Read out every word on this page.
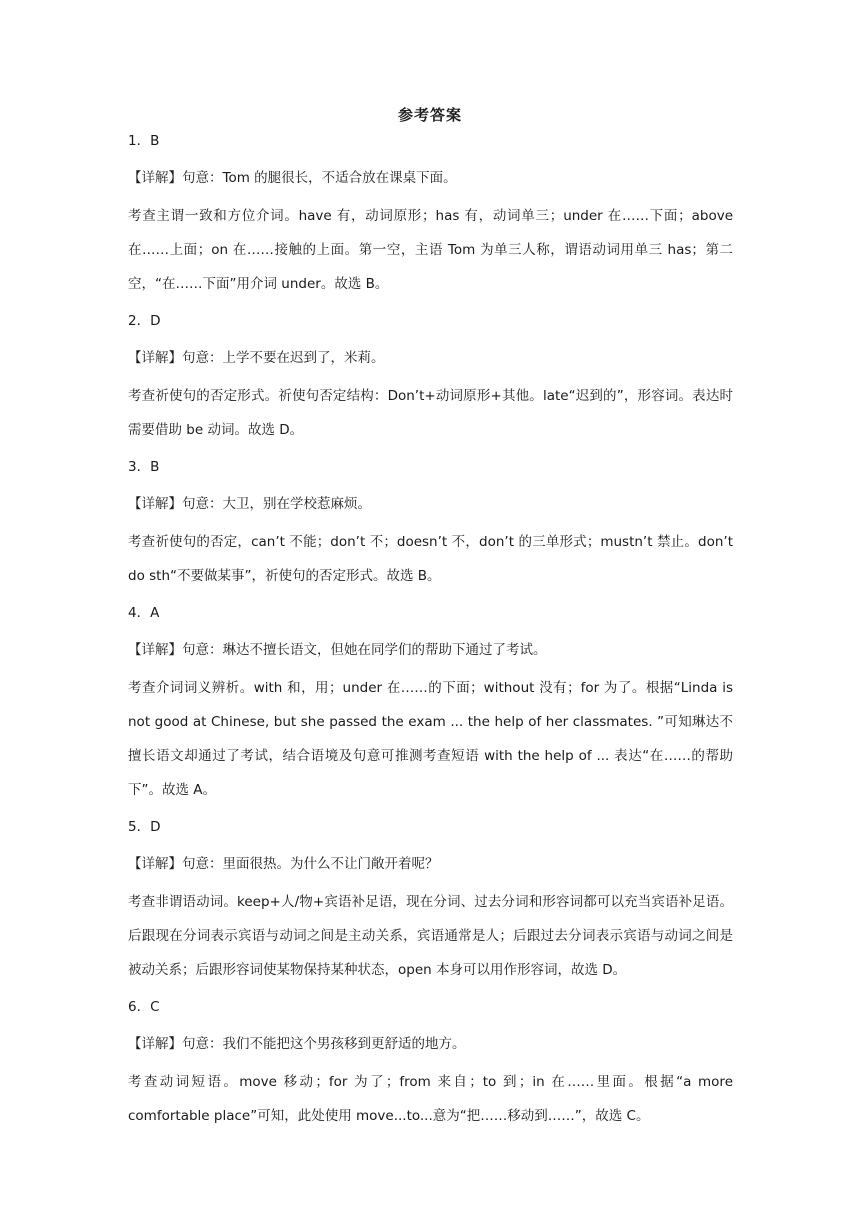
参考答案
1．B
【详解】句意：Tom 的腿很长，不适合放在课桌下面。
考查主谓一致和方位介词。have 有，动词原形；has 有，动词单三；under 在……下面；above 在……上面；on 在……接触的上面。第一空，主语 Tom 为单三人称，谓语动词用单三 has；第二空，“在……下面”用介词 under。故选 B。
2．D
【详解】句意：上学不要在迟到了，米莉。
考查祈使句的否定形式。祈使句否定结构：Don’t+动词原形+其他。late“迟到的”，形容词。表达时需要借助 be 动词。故选 D。
3．B
【详解】句意：大卫，别在学校惹麻烦。
考查祈使句的否定，can’t 不能；don’t 不；doesn’t 不，don’t 的三单形式；mustn’t 禁止。don’t do sth“不要做某事”，祈使句的否定形式。故选 B。
4．A
【详解】句意：琳达不擅长语文，但她在同学们的帮助下通过了考试。
考查介词词义辨析。with 和，用；under 在……的下面；without 没有；for 为了。根据“Linda is not good at Chinese, but she passed the exam ... the help of her classmates. ”可知琳达不擅长语文却通过了考试，结合语境及句意可推测考查短语 with the help of ... 表达“在……的帮助下”。故选 A。
5．D
【详解】句意：里面很热。为什么不让门敞开着呢？
考查非谓语动词。keep+人/物+宾语补足语，现在分词、过去分词和形容词都可以充当宾语补足语。后跟现在分词表示宾语与动词之间是主动关系，宾语通常是人；后跟过去分词表示宾语与动词之间是被动关系；后跟形容词使某物保持某种状态，open 本身可以用作形容词，故选 D。
6．C
【详解】句意：我们不能把这个男孩移到更舒适的地方。
考查动词短语。move 移动；for 为了；from 来自；to 到；in 在……里面。根据“a more comfortable place”可知，此处使用 move...to...意为“把……移动到……”，故选 C。
